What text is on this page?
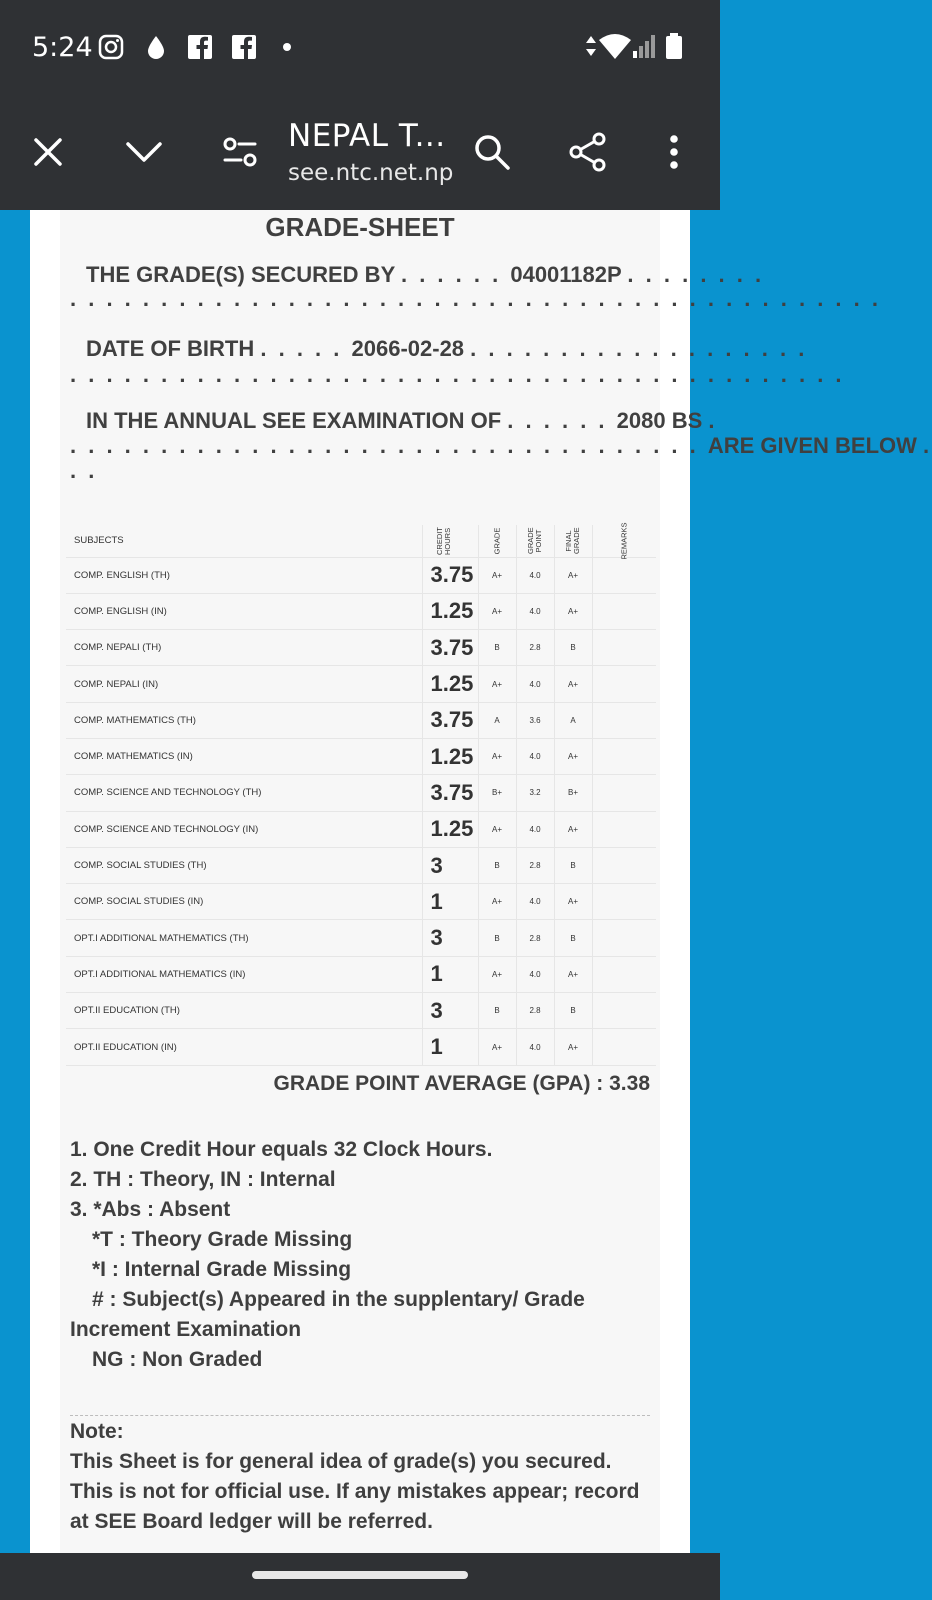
5:24
NEPAL T...
see.ntc.net.np
GRADE-SHEET
THE GRADE(S) SECURED BY . . . . . . 04001182P . . . . . . . .
. . . . . . . . . . . . . . . . . . . . . . . . . . . . . . . . . . . . . . . . . . . . .
DATE OF BIRTH . . . . . 2066-02-28 . . . . . . . . . . . . . . . . . . .
. . . . . . . . . . . . . . . . . . . . . . . . . . . . . . . . . . . . . . . . . . .
IN THE ANNUAL SEE EXAMINATION OF . . . . . . 2080 BS .
. . . . . . . . . . . . . . . . . . . . . . . . . . . . . . . . . . . ARE GIVEN BELOW .
. .
SUBJECTS	CREDIT HOURS	GRADE	GRADE POINT	FINAL GRADE	REMARKS
COMP. ENGLISH (TH)	3.75	A+	4.0	A+	
COMP. ENGLISH (IN)	1.25	A+	4.0	A+	
COMP. NEPALI (TH)	3.75	B	2.8	B	
COMP. NEPALI (IN)	1.25	A+	4.0	A+	
COMP. MATHEMATICS (TH)	3.75	A	3.6	A	
COMP. MATHEMATICS (IN)	1.25	A+	4.0	A+	
COMP. SCIENCE AND TECHNOLOGY (TH)	3.75	B+	3.2	B+	
COMP. SCIENCE AND TECHNOLOGY (IN)	1.25	A+	4.0	A+	
COMP. SOCIAL STUDIES (TH)	3	B	2.8	B	
COMP. SOCIAL STUDIES (IN)	1	A+	4.0	A+	
OPT.I ADDITIONAL MATHEMATICS (TH)	3	B	2.8	B	
OPT.I ADDITIONAL MATHEMATICS (IN)	1	A+	4.0	A+	
OPT.II EDUCATION (TH)	3	B	2.8	B	
OPT.II EDUCATION (IN)	1	A+	4.0	A+	
GRADE POINT AVERAGE (GPA) : 3.38
1. One Credit Hour equals 32 Clock Hours.
2. TH : Theory, IN : Internal
3. *Abs : Absent
*T : Theory Grade Missing
*I : Internal Grade Missing
# : Subject(s) Appeared in the supplentary/ Grade
Increment Examination
NG : Non Graded
Note:
This Sheet is for general idea of grade(s) you secured. This is not for official use. If any mistakes appear; record at SEE Board ledger will be referred.
